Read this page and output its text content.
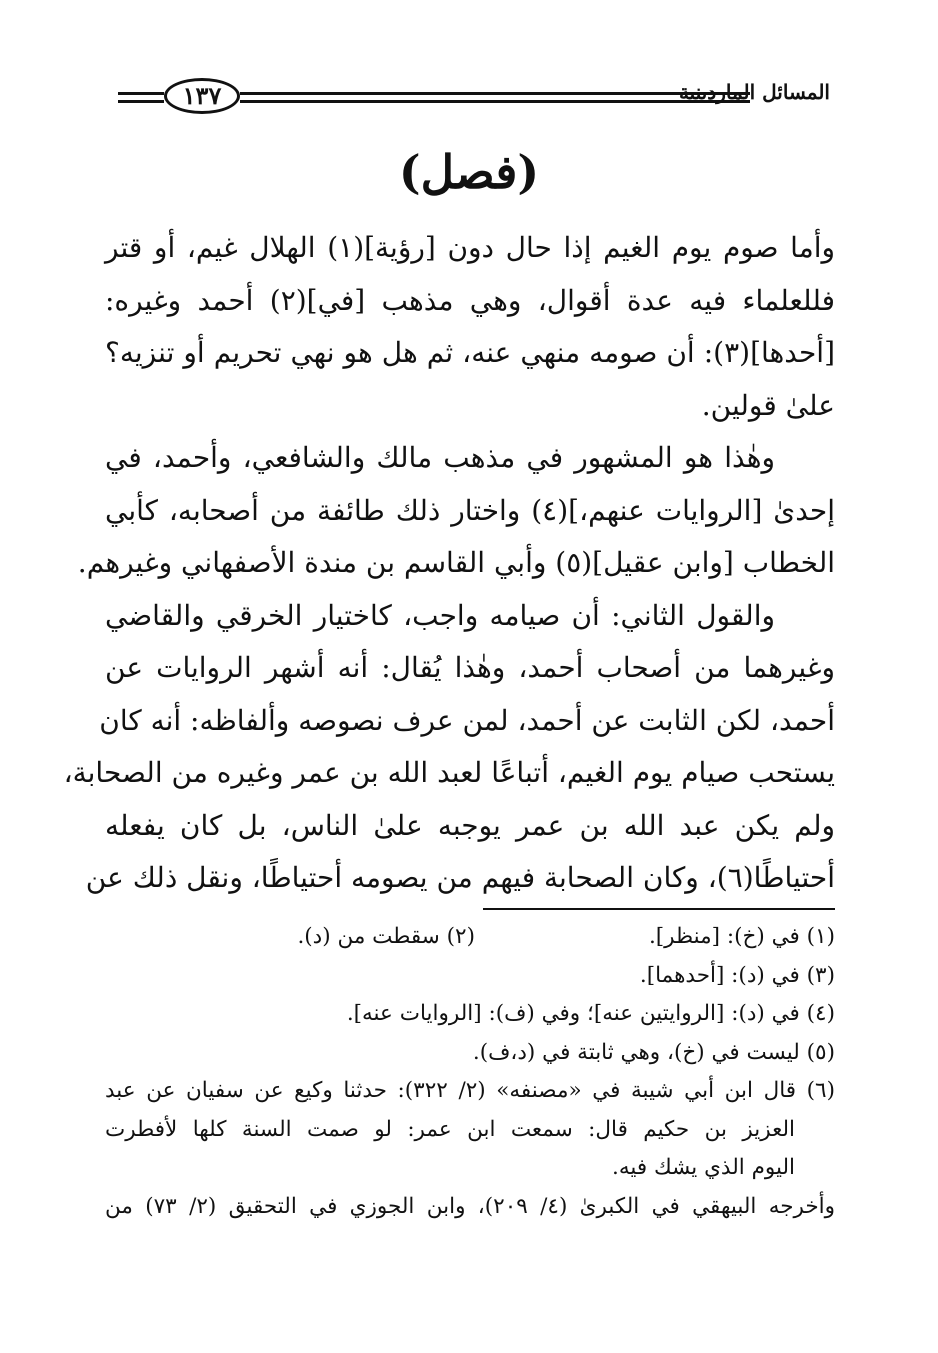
١٣٧	المسائل الماردينية
(فصل)
وأما صوم يوم الغيم إذا حال دون [رؤية](١) الهلال غيم، أو قتر
فللعلماء فيه عدة أقوال، وهي مذهب [في](٢) أحمد وغيره:
[أحدها](٣): أن صومه منهي عنه، ثم هل هو نهي تحريم أو تنزيه؟
علىٰ قولين.
وهٰذا هو المشهور في مذهب مالك والشافعي، وأحمد، في
إحدىٰ [الروايات عنهم،](٤) واختار ذلك طائفة من أصحابه، كأبي
الخطاب [وابن عقيل](٥) وأبي القاسم بن مندة الأصفهاني وغيرهم.
والقول الثاني: أن صيامه واجب، كاختيار الخرقي والقاضي
وغيرهما من أصحاب أحمد، وهٰذا يُقال: أنه أشهر الروايات عن
أحمد، لكن الثابت عن أحمد، لمن عرف نصوصه وألفاظه: أنه كان
يستحب صيام يوم الغيم، أتباعًا لعبد الله بن عمر وغيره من الصحابة،
ولم يكن عبد الله بن عمر يوجبه علىٰ الناس، بل كان يفعله
أحتياطًا(٦)، وكان الصحابة فيهم من يصومه أحتياطًا، ونقل ذلك عن
(١) في (خ): [منظر].
(٢) سقطت من (د).
(٣) في (د): [أحدهما].
(٤) في (د): [الروايتين عنه]؛ وفي (ف): [الروايات عنه].
(٥) ليست في (خ)، وهي ثابتة في (د،ف).
(٦) قال ابن أبي شيبة في «مصنفه» (٢/ ٣٢٢): حدثنا وكيع عن سفيان عن عبد
العزيز بن حكيم قال: سمعت ابن عمر: لو صمت السنة كلها لأفطرت
اليوم الذي يشك فيه.
وأخرجه البيهقي في الكبرىٰ (٤/ ٢٠٩)، وابن الجوزي في التحقيق (٢/ ٧٣) من
